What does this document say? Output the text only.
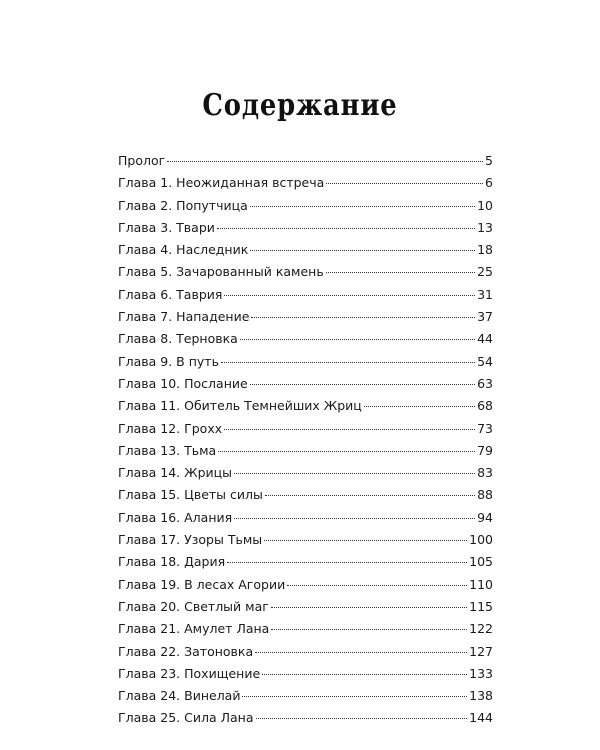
Содержание
Пролог	5
Глава 1. Неожиданная встреча	6
Глава 2. Попутчица	10
Глава 3. Твари	13
Глава 4. Наследник	18
Глава 5. Зачарованный камень	25
Глава 6. Таврия	31
Глава 7. Нападение	37
Глава 8. Терновка	44
Глава 9. В путь	54
Глава 10. Послание	63
Глава 11. Обитель Темнейших Жриц	68
Глава 12. Грохх	73
Глава 13. Тьма	79
Глава 14. Жрицы	83
Глава 15. Цветы силы	88
Глава 16. Алания	94
Глава 17. Узоры Тьмы	100
Глава 18. Дария	105
Глава 19. В лесах Агории	110
Глава 20. Светлый маг	115
Глава 21. Амулет Лана	122
Глава 22. Затоновка	127
Глава 23. Похищение	133
Глава 24. Винелай	138
Глава 25. Сила Лана	144
